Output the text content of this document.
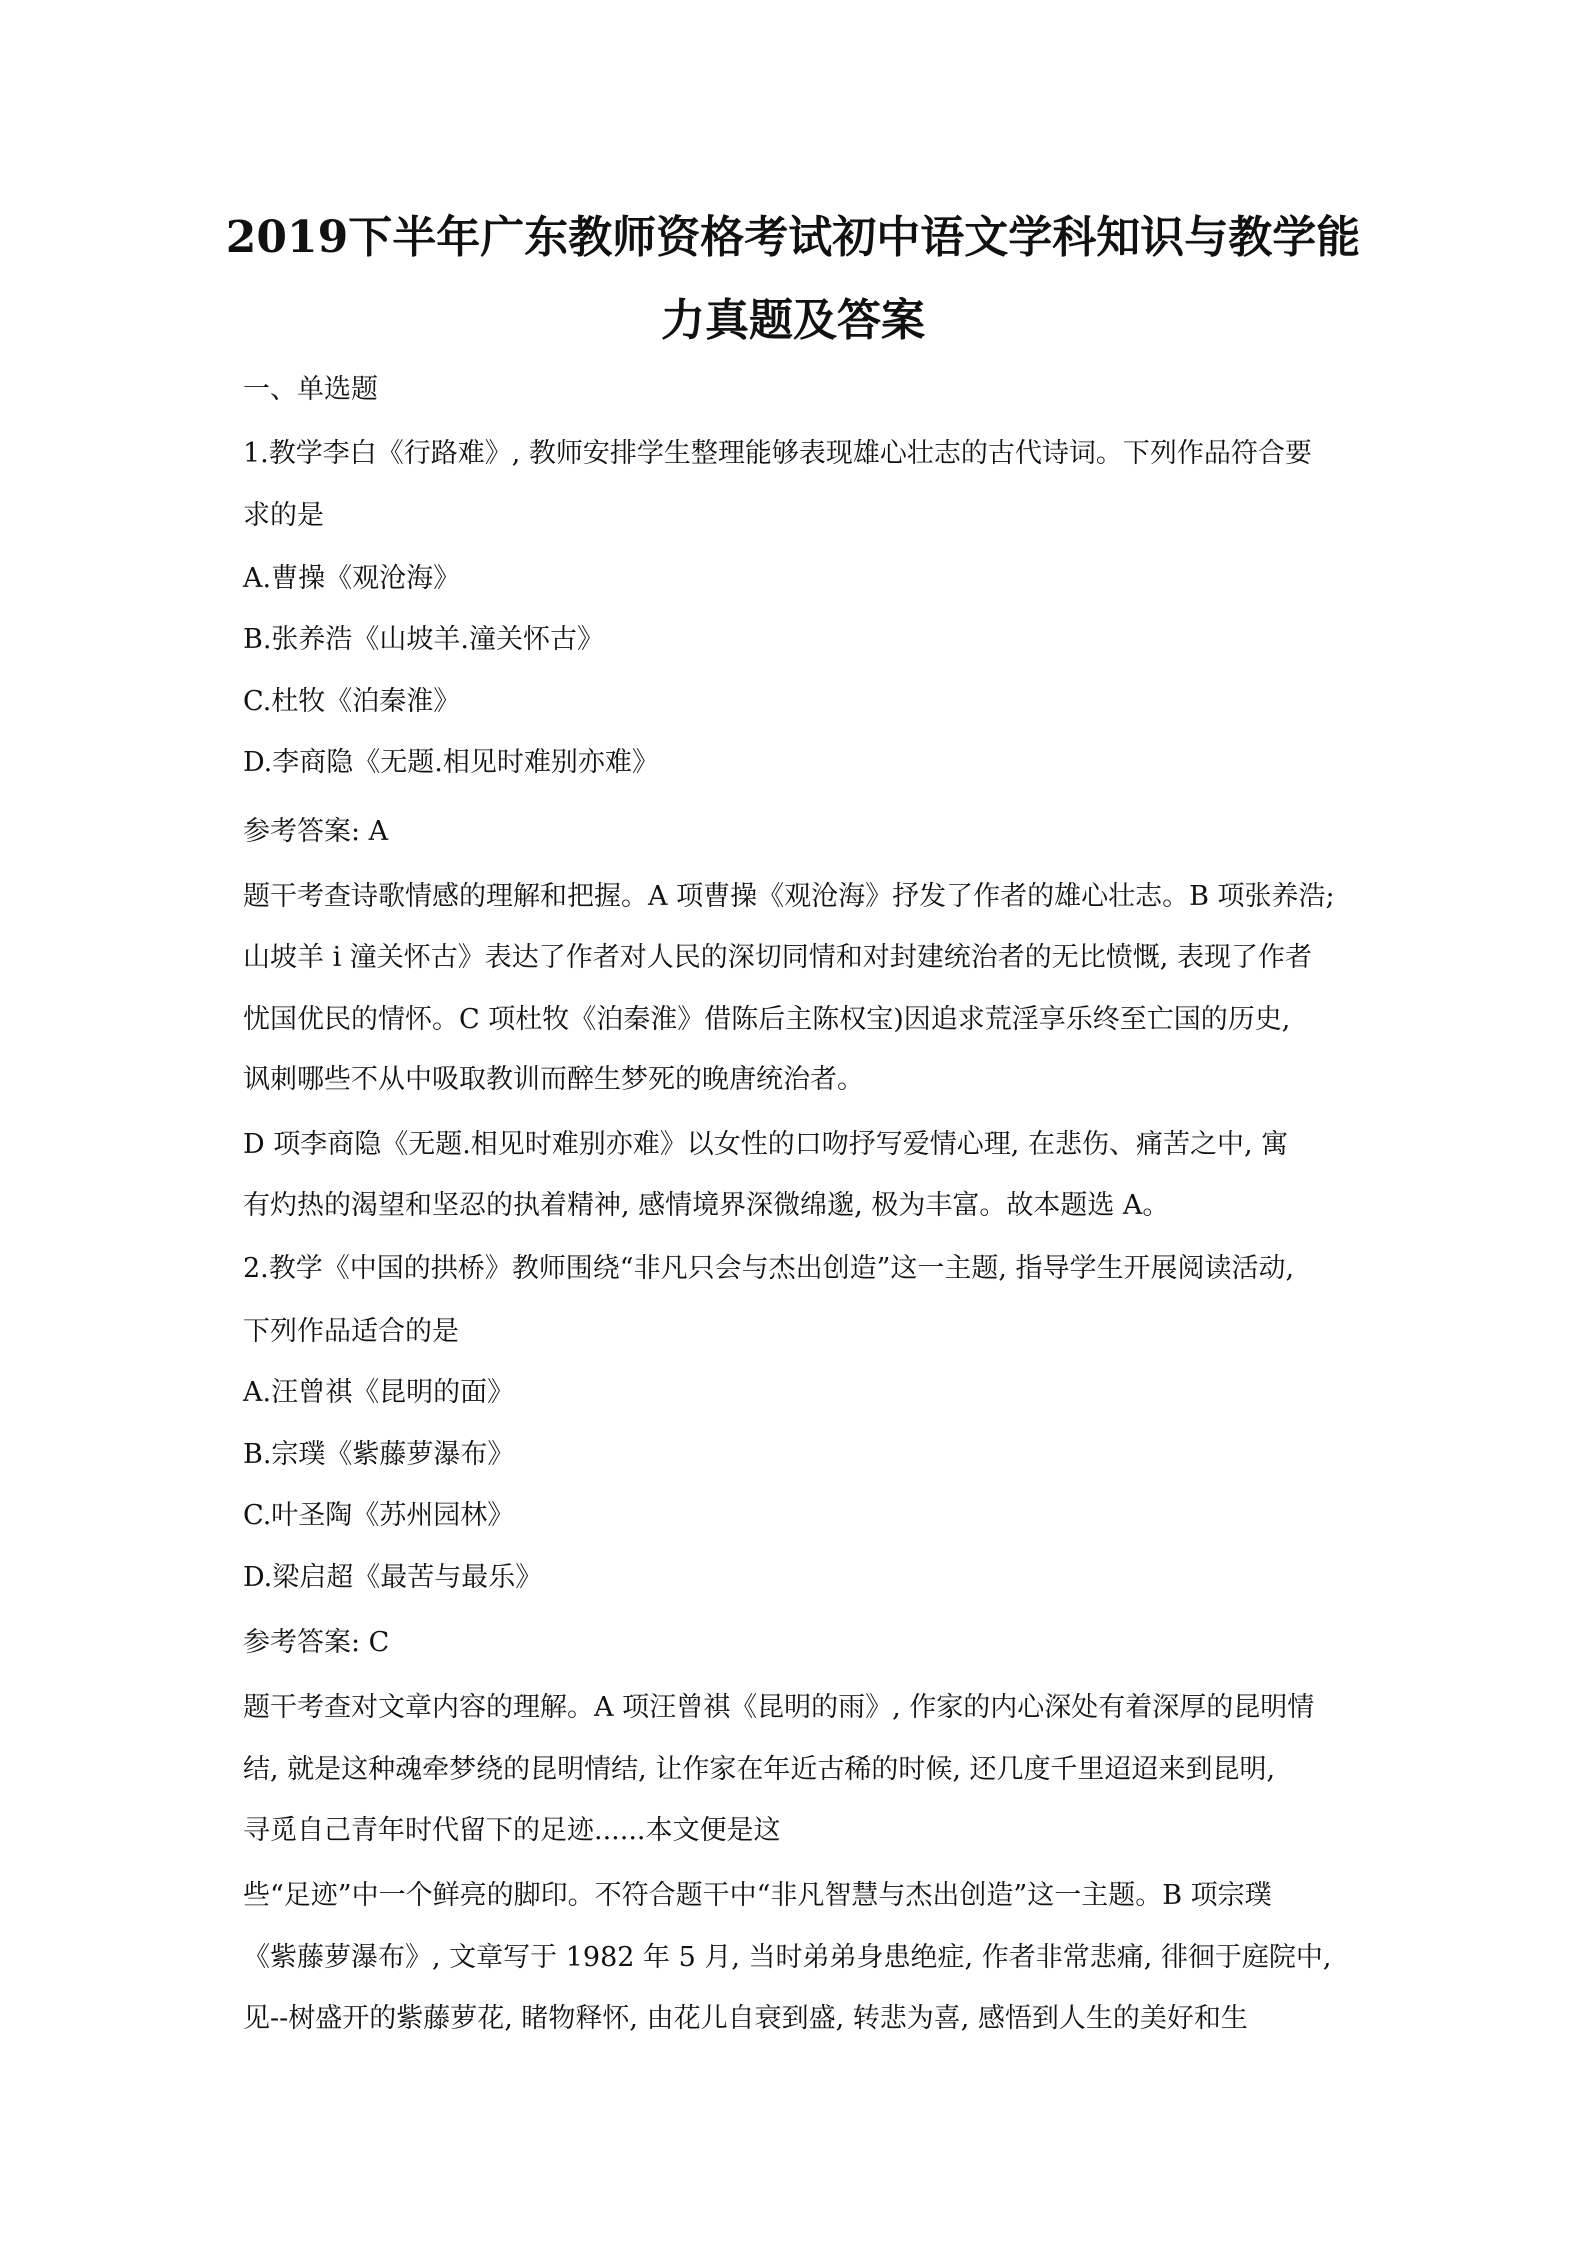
2019下半年广东教师资格考试初中语文学科知识与教学能
力真题及答案
一、单选题
1.教学李白《行路难》, 教师安排学生整理能够表现雄心壮志的古代诗词。下列作品符合要
求的是
A.曹操《观沧海》
B.张养浩《山坡羊.潼关怀古》
C.杜牧《泊秦淮》
D.李商隐《无题.相见时难别亦难》
参考答案: A
题干考查诗歌情感的理解和把握。A 项曹操《观沧海》抒发了作者的雄心壮志。B 项张养浩;
山坡羊 i 潼关怀古》表达了作者对人民的深切同情和对封建统治者的无比愤慨, 表现了作者
忧国优民的情怀。C 项杜牧《泊秦淮》借陈后主陈权宝)因追求荒淫享乐终至亡国的历史,
讽刺哪些不从中吸取教训而醉生梦死的晚唐统治者。
D 项李商隐《无题.相见时难别亦难》以女性的口吻抒写爱情心理, 在悲伤、痛苦之中, 寓
有灼热的渴望和坚忍的执着精神, 感情境界深微绵邈, 极为丰富。故本题选 A。
2.教学《中国的拱桥》教师围绕“非凡只会与杰出创造”这一主题, 指导学生开展阅读活动,
下列作品适合的是
A.汪曾祺《昆明的面》
B.宗璞《紫藤萝瀑布》
C.叶圣陶《苏州园林》
D.梁启超《最苦与最乐》
参考答案: C
题干考查对文章内容的理解。A 项汪曾祺《昆明的雨》, 作家的内心深处有着深厚的昆明情
结, 就是这种魂牵梦绕的昆明情结, 让作家在年近古稀的时候, 还几度千里迢迢来到昆明,
寻觅自己青年时代留下的足迹......本文便是这
些“足迹”中一个鲜亮的脚印。不符合题干中“非凡智慧与杰出创造”这一主题。B 项宗璞
《紫藤萝瀑布》, 文章写于 1982 年 5 月, 当时弟弟身患绝症, 作者非常悲痛, 徘徊于庭院中,
见--树盛开的紫藤萝花, 睹物释怀, 由花儿自衰到盛, 转悲为喜, 感悟到人生的美好和生
